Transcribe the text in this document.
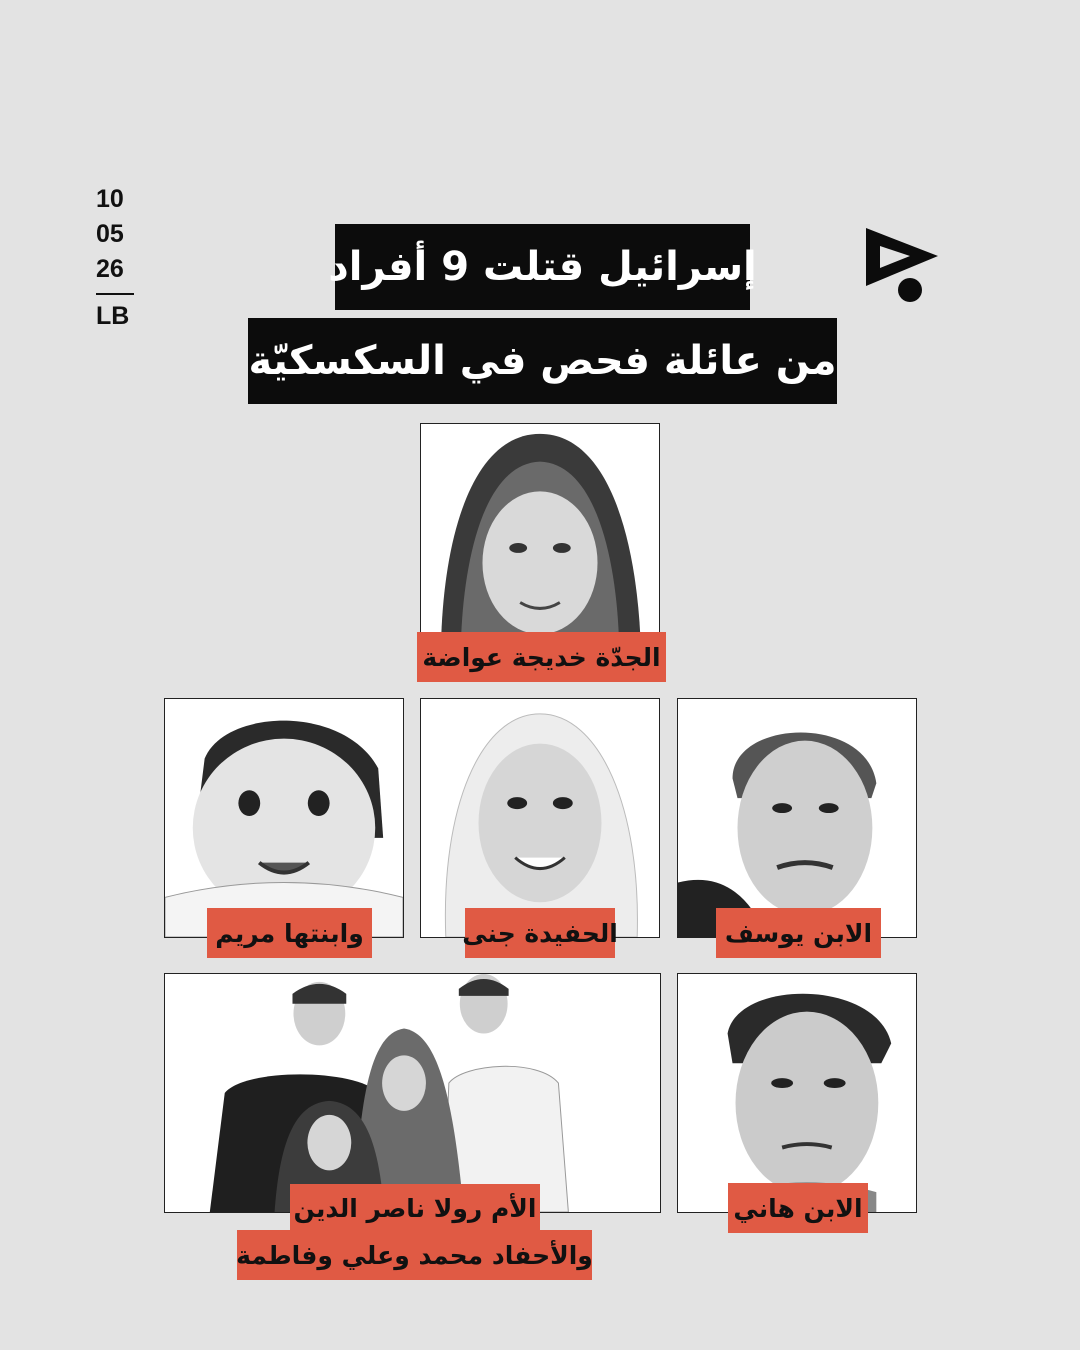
10
05
26
LB
إسرائيل قتلت 9 أفراد
من عائلة فحص في السكسكيّة
الجدّة خديجة عواضة
وابنتها مريم	الحفيدة جنى	الابن يوسف
الأم رولا ناصر الدين
والأحفاد محمد وعلي وفاطمة
الابن هاني
